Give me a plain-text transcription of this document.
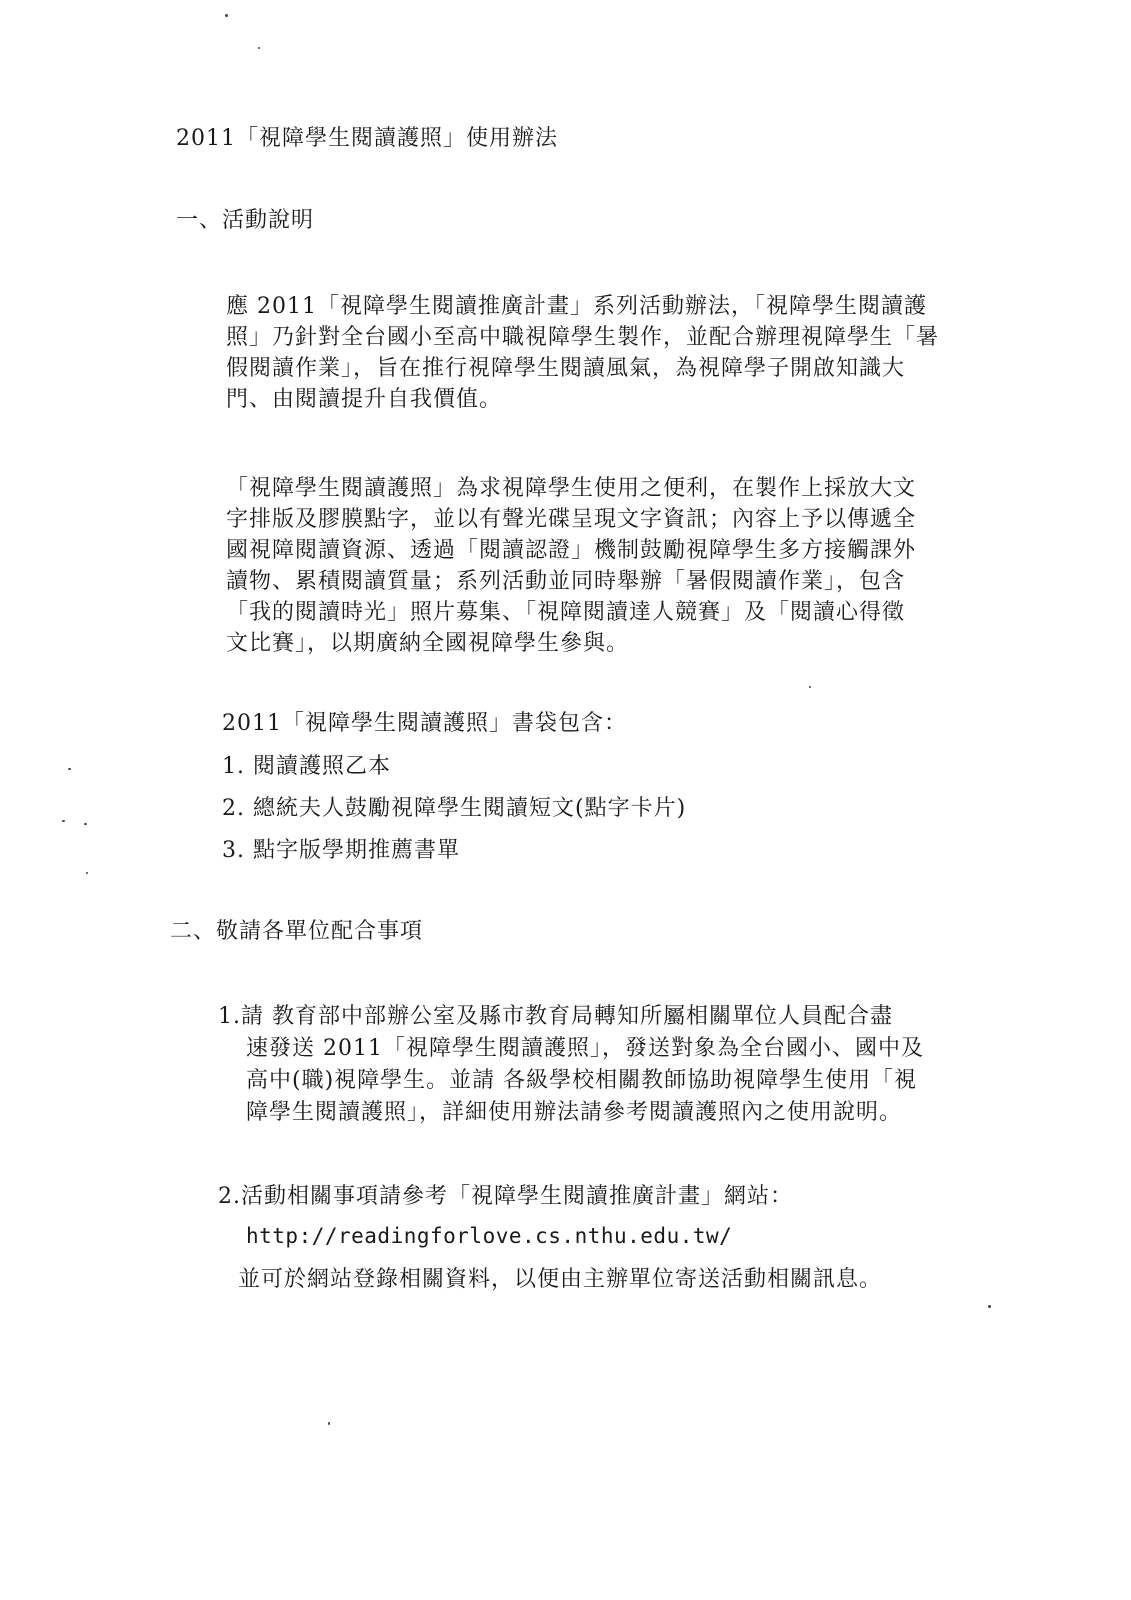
2011「視障學生閱讀護照」使用辦法
一、活動說明
應 2011「視障學生閱讀推廣計畫」系列活動辦法，「視障學生閱讀護
照」乃針對全台國小至高中職視障學生製作，並配合辦理視障學生「暑
假閱讀作業」，旨在推行視障學生閱讀風氣，為視障學子開啟知識大
門、由閱讀提升自我價值。
「視障學生閱讀護照」為求視障學生使用之便利，在製作上採放大文
字排版及膠膜點字，並以有聲光碟呈現文字資訊；內容上予以傳遞全
國視障閱讀資源、透過「閱讀認證」機制鼓勵視障學生多方接觸課外
讀物、累積閱讀質量；系列活動並同時舉辦「暑假閱讀作業」，包含
「我的閱讀時光」照片募集、「視障閱讀達人競賽」及「閱讀心得徵
文比賽」，以期廣納全國視障學生參與。
2011「視障學生閱讀護照」書袋包含：
1. 閱讀護照乙本
2. 總統夫人鼓勵視障學生閱讀短文(點字卡片)
3. 點字版學期推薦書單
二、敬請各單位配合事項
1.請 教育部中部辦公室及縣市教育局轉知所屬相關單位人員配合盡
速發送 2011「視障學生閱讀護照」，發送對象為全台國小、國中及
高中(職)視障學生。並請 各級學校相關教師協助視障學生使用「視
障學生閱讀護照」，詳細使用辦法請參考閱讀護照內之使用說明。
2.活動相關事項請參考「視障學生閱讀推廣計畫」網站：
http://readingforlove.cs.nthu.edu.tw/
並可於網站登錄相關資料，以便由主辦單位寄送活動相關訊息。
